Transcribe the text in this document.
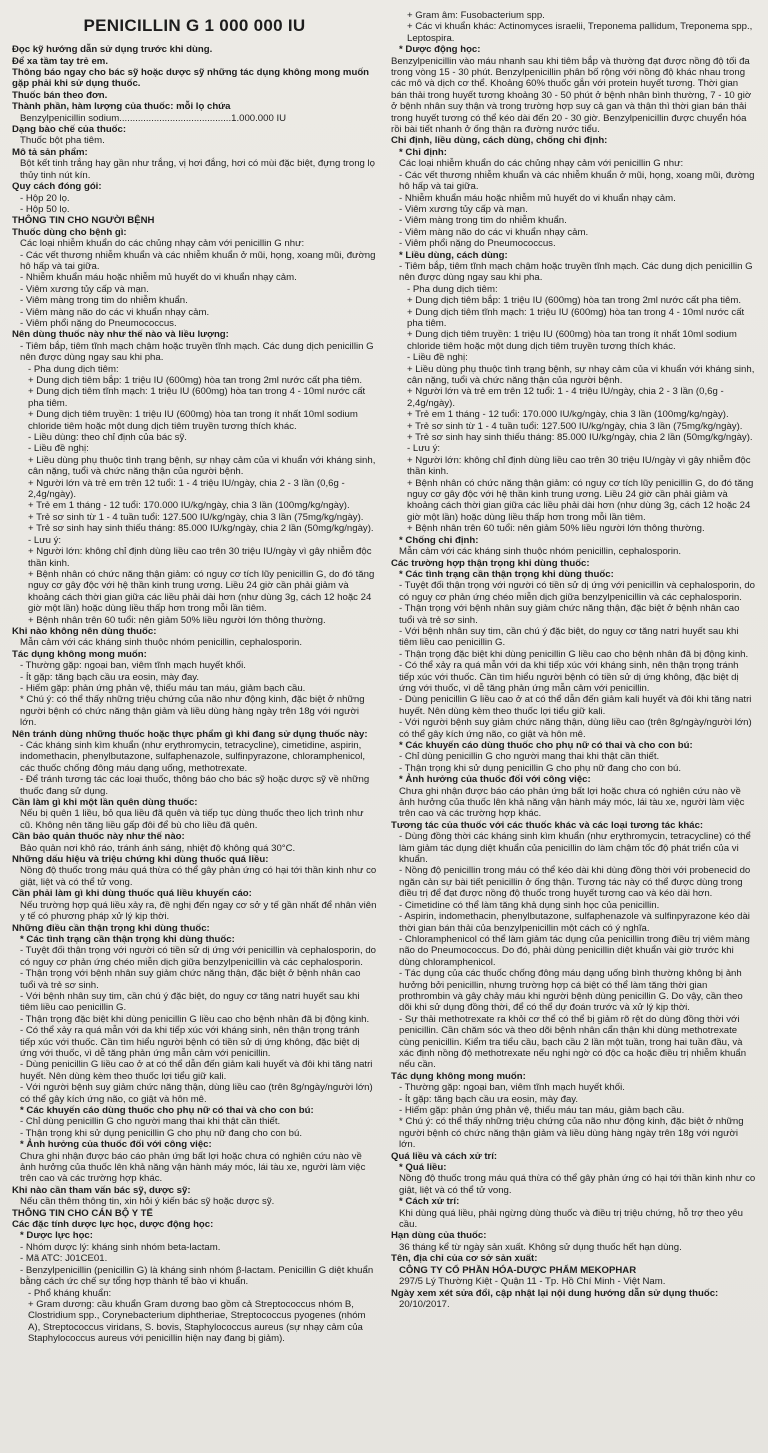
PENICILLIN G 1 000 000 IU

Đọc kỹ hướng dẫn sử dụng trước khi dùng.

Để xa tầm tay trẻ em.

Thông báo ngay cho bác sỹ hoặc dược sỹ những tác dụng không mong muốn gặp phải khi sử dụng thuốc.

Thuốc bán theo đơn.

Thành phần, hàm lượng của thuốc: mỗi lọ chứa

Benzylpenicillin sodium..........................................1.000.000 IU

Dạng bào chế của thuốc:

Thuốc bột pha tiêm.

Mô tả sản phẩm:

Bột kết tinh trắng hay gần như trắng, vị hơi đắng, hơi có mùi đặc biệt, đựng trong lọ thủy tinh nút kín.

Quy cách đóng gói:

- Hộp 20 lọ.

- Hộp 50 lọ.

THÔNG TIN CHO NGƯỜI BỆNH

Thuốc dùng cho bệnh gì:

Các loại nhiễm khuẩn do các chủng nhạy cảm với penicillin G như:

- Các vết thương nhiễm khuẩn và các nhiễm khuẩn ở mũi, họng, xoang mũi, đường hô hấp và tai giữa.

- Nhiễm khuẩn máu hoặc nhiễm mủ huyết do vi khuẩn nhạy cảm.

- Viêm xương tủy cấp và mạn.

- Viêm màng trong tim do nhiễm khuẩn.

- Viêm màng não do các vi khuẩn nhạy cảm.

- Viêm phổi nặng do Pneumococcus.

Nên dùng thuốc này như thế nào và liều lượng:

- Tiêm bắp, tiêm tĩnh mạch chậm hoặc truyền tĩnh mạch. Các dung dịch penicillin G nên được dùng ngay sau khi pha.

- Pha dung dịch tiêm:

+ Dung dịch tiêm bắp: 1 triệu IU (600mg) hòa tan trong 2ml nước cất pha tiêm.

+ Dung dịch tiêm tĩnh mạch: 1 triệu IU (600mg) hòa tan trong 4 - 10ml nước cất pha tiêm.

+ Dung dịch tiêm truyền: 1 triệu IU (600mg) hòa tan trong ít nhất 10ml sodium chloride tiêm hoặc một dung dịch tiêm truyền tương thích khác.

- Liều dùng: theo chỉ định của bác sỹ.

- Liều đề nghị:

+ Liều dùng phụ thuộc tình trạng bệnh, sự nhạy cảm của vi khuẩn với kháng sinh, cân nặng, tuổi và chức năng thận của người bệnh.

+ Người lớn và trẻ em trên 12 tuổi: 1 - 4 triệu IU/ngày, chia 2 - 3 lần (0,6g - 2,4g/ngày).

+ Trẻ em 1 tháng - 12 tuổi: 170.000 IU/kg/ngày, chia 3 lần (100mg/kg/ngày).

+ Trẻ sơ sinh từ 1 - 4 tuần tuổi: 127.500 IU/kg/ngày, chia 3 lần (75mg/kg/ngày).

+ Trẻ sơ sinh hay sinh thiếu tháng: 85.000 IU/kg/ngày, chia 2 lần (50mg/kg/ngày).

- Lưu ý:

+ Người lớn: không chỉ định dùng liều cao trên 30 triệu IU/ngày vì gây nhiễm độc thần kinh.

+ Bệnh nhân có chức năng thận giảm: có nguy cơ tích lũy penicillin G, do đó tăng nguy cơ gây độc với hệ thần kinh trung ương. Liều 24 giờ cần phải giảm và khoảng cách thời gian giữa các liều phải dài hơn (như dùng 3g, cách 12 hoặc 24 giờ một lần) hoặc dùng liều thấp hơn trong mỗi lần tiêm.

+ Bệnh nhân trên 60 tuổi: nên giảm 50% liều người lớn thông thường.

Khi nào không nên dùng thuốc:

Mẫn cảm với các kháng sinh thuộc nhóm penicillin, cephalosporin.

Tác dụng không mong muốn:

- Thường gặp: ngoại ban, viêm tĩnh mạch huyết khối.

- Ít gặp: tăng bạch cầu ưa eosin, mày đay.

- Hiếm gặp: phản ứng phản vệ, thiếu máu tan máu, giảm bạch cầu.

* Chú ý: có thể thấy những triệu chứng của não như động kinh, đặc biệt ở những người bệnh có chức năng thận giảm và liều dùng hàng ngày trên 18g với người lớn.

Nên tránh dùng những thuốc hoặc thực phẩm gì khi đang sử dụng thuốc này:

- Các kháng sinh kìm khuẩn (như erythromycin, tetracycline), cimetidine, aspirin, indomethacin, phenylbutazone, sulfaphenazole, sulfinpyrazone, chloramphenicol, các thuốc chống đông máu dạng uống, methotrexate.

- Để tránh tương tác các loại thuốc, thông báo cho bác sỹ hoặc dược sỹ về những thuốc đang sử dụng.

Cần làm gì khi một lần quên dùng thuốc:

Nếu bị quên 1 liều, bỏ qua liều đã quên và tiếp tục dùng thuốc theo lịch trình như cũ. Không nên tăng liều gấp đôi để bù cho liều đã quên.

Cần bảo quản thuốc này như thế nào:

Bảo quản nơi khô ráo, tránh ánh sáng, nhiệt độ không quá 30°C.

Những dấu hiệu và triệu chứng khi dùng thuốc quá liều:

Nồng độ thuốc trong máu quá thừa có thể gây phản ứng có hại tới thần kinh như co giật, liệt và có thể tử vong.

Cần phải làm gì khi dùng thuốc quá liều khuyến cáo:

Nếu trường hợp quá liều xảy ra, đề nghị đến ngay cơ sở y tế gần nhất để nhân viên y tế có phương pháp xử lý kịp thời.

Những điều cần thận trọng khi dùng thuốc:

* Các tình trạng cần thận trọng khi dùng thuốc:

- Tuyệt đối thận trọng với người có tiền sử dị ứng với penicillin và cephalosporin, do có nguy cơ phản ứng chéo miễn dịch giữa benzylpenicillin và các cephalosporin.

- Thận trọng với bệnh nhân suy giảm chức năng thận, đặc biệt ở bệnh nhân cao tuổi và trẻ sơ sinh.

- Với bệnh nhân suy tim, cần chú ý đặc biệt, do nguy cơ tăng natri huyết sau khi tiêm liều cao penicillin G.

- Thận trọng đặc biệt khi dùng penicillin G liều cao cho bệnh nhân đã bị động kinh.

- Có thể xảy ra quá mẫn với da khi tiếp xúc với kháng sinh, nên thận trọng tránh tiếp xúc với thuốc. Cần tìm hiểu người bệnh có tiền sử dị ứng không, đặc biệt dị ứng với thuốc, vì dễ tăng phản ứng mẫn cảm với penicillin.

- Dùng penicillin G liều cao ở at có thể dẫn đến giảm kali huyết và đôi khi tăng natri huyết. Nên dùng kèm theo thuốc lợi tiểu giữ kali.

- Với người bệnh suy giảm chức năng thận, dùng liều cao (trên 8g/ngày/người lớn) có thể gây kích ứng não, co giật và hôn mê.

* Các khuyến cáo dùng thuốc cho phụ nữ có thai và cho con bú:

- Chỉ dùng penicillin G cho người mang thai khi thật cần thiết.

- Thận trọng khi sử dụng penicillin G cho phụ nữ đang cho con bú.

* Ảnh hưởng của thuốc đối với công việc:

Chưa ghi nhận được báo cáo phản ứng bất lợi hoặc chưa có nghiên cứu nào về ảnh hưởng của thuốc lên khả năng vận hành máy móc, lái tàu xe, người làm việc trên cao và các trường hợp khác.

Khi nào cần tham vấn bác sỹ, dược sỹ:

Nếu cần thêm thông tin, xin hỏi ý kiến bác sỹ hoặc dược sỹ.

THÔNG TIN CHO CÁN BỘ Y TẾ

Các đặc tính dược lực học, dược động học:

* Dược lực học:

- Nhóm dược lý: kháng sinh nhóm beta-lactam.

- Mã ATC: J01CE01.

- Benzylpenicillin (penicillin G) là kháng sinh nhóm β-lactam. Penicillin G diệt khuẩn bằng cách ức chế sự tổng hợp thành tế bào vi khuẩn.

- Phổ kháng khuẩn:

+ Gram dương: cầu khuẩn Gram dương bao gồm cả Streptococcus nhóm B, Clostridium spp., Corynebacterium diphtheriae, Streptococcus pyogenes (nhóm A), Streptococcus viridans, S. bovis, Staphylococcus aureus (sự nhạy cảm của Staphylococcus aureus với penicillin hiện nay đang bị giảm).

+ Gram âm: Fusobacterium spp.

+ Các vi khuẩn khác: Actinomyces israelii, Treponema pallidum, Treponema spp., Leptospira.

* Dược động học:

Benzylpenicillin vào máu nhanh sau khi tiêm bắp và thường đạt được nồng độ tối đa trong vòng 15 - 30 phút. Benzylpenicillin phân bố rộng với nồng độ khác nhau trong các mô và dịch cơ thể. Khoảng 60% thuốc gắn với protein huyết tương. Thời gian bán thải trong huyết tương khoảng 30 - 50 phút ở bệnh nhân bình thường, 7 - 10 giờ ở bệnh nhân suy thận và trong trường hợp suy cả gan và thận thì thời gian bán thải trong huyết tương có thể kéo dài đến 20 - 30 giờ. Benzylpenicillin được chuyển hóa rồi bài tiết nhanh ở ống thận ra đường nước tiểu.

Chỉ định, liều dùng, cách dùng, chống chỉ định:

* Chỉ định:

Các loại nhiễm khuẩn do các chủng nhạy cảm với penicillin G như:

- Các vết thương nhiễm khuẩn và các nhiễm khuẩn ở mũi, họng, xoang mũi, đường hô hấp và tai giữa.

- Nhiễm khuẩn máu hoặc nhiễm mủ huyết do vi khuẩn nhạy cảm.

- Viêm xương tủy cấp và mạn.

- Viêm màng trong tim do nhiễm khuẩn.

- Viêm màng não do các vi khuẩn nhạy cảm.

- Viêm phổi nặng do Pneumococcus.

* Liều dùng, cách dùng:

- Tiêm bắp, tiêm tĩnh mạch chậm hoặc truyền tĩnh mạch. Các dung dịch penicillin G nên được dùng ngay sau khi pha.

- Pha dung dịch tiêm:

+ Dung dịch tiêm bắp: 1 triệu IU (600mg) hòa tan trong 2ml nước cất pha tiêm.

+ Dung dịch tiêm tĩnh mạch: 1 triệu IU (600mg) hòa tan trong 4 - 10ml nước cất pha tiêm.

+ Dung dịch tiêm truyền: 1 triệu IU (600mg) hòa tan trong ít nhất 10ml sodium chloride tiêm hoặc một dung dịch tiêm truyền tương thích khác.

- Liều đề nghị:

+ Liều dùng phụ thuộc tình trạng bệnh, sự nhạy cảm của vi khuẩn với kháng sinh, cân nặng, tuổi và chức năng thận của người bệnh.

+ Người lớn và trẻ em trên 12 tuổi: 1 - 4 triệu IU/ngày, chia 2 - 3 lần (0,6g - 2,4g/ngày).

+ Trẻ em 1 tháng - 12 tuổi: 170.000 IU/kg/ngày, chia 3 lần (100mg/kg/ngày).

+ Trẻ sơ sinh từ 1 - 4 tuần tuổi: 127.500 IU/kg/ngày, chia 3 lần (75mg/kg/ngày).

+ Trẻ sơ sinh hay sinh thiếu tháng: 85.000 IU/kg/ngày, chia 2 lần (50mg/kg/ngày).

- Lưu ý:

+ Người lớn: không chỉ định dùng liều cao trên 30 triệu IU/ngày vì gây nhiễm độc thần kinh.

+ Bệnh nhân có chức năng thận giảm: có nguy cơ tích lũy penicillin G, do đó tăng nguy cơ gây độc với hệ thần kinh trung ương. Liều 24 giờ cần phải giảm và khoảng cách thời gian giữa các liều phải dài hơn (như dùng 3g, cách 12 hoặc 24 giờ một lần) hoặc dùng liều thấp hơn trong mỗi lần tiêm.

+ Bệnh nhân trên 60 tuổi: nên giảm 50% liều người lớn thông thường.

* Chống chỉ định:

Mẫn cảm với các kháng sinh thuộc nhóm penicillin, cephalosporin.

Các trường hợp thận trọng khi dùng thuốc:

* Các tình trạng cần thận trọng khi dùng thuốc:

- Tuyệt đối thận trọng với người có tiền sử dị ứng với penicillin và cephalosporin, do có nguy cơ phản ứng chéo miễn dịch giữa benzylpenicillin và các cephalosporin.

- Thận trọng với bệnh nhân suy giảm chức năng thận, đặc biệt ở bệnh nhân cao tuổi và trẻ sơ sinh.

- Với bệnh nhân suy tim, cần chú ý đặc biệt, do nguy cơ tăng natri huyết sau khi tiêm liều cao penicillin G.

- Thận trọng đặc biệt khi dùng penicillin G liều cao cho bệnh nhân đã bị động kinh.

- Có thể xảy ra quá mẫn với da khi tiếp xúc với kháng sinh, nên thận trọng tránh tiếp xúc với thuốc. Cần tìm hiểu người bệnh có tiền sử dị ứng không, đặc biệt dị ứng với thuốc, vì dễ tăng phản ứng mẫn cảm với penicillin.

- Dùng penicillin G liều cao ở at có thể dẫn đến giảm kali huyết và đôi khi tăng natri huyết. Nên dùng kèm theo thuốc lợi tiểu giữ kali.

- Với người bệnh suy giảm chức năng thận, dùng liều cao (trên 8g/ngày/người lớn) có thể gây kích ứng não, co giật và hôn mê.

* Các khuyến cáo dùng thuốc cho phụ nữ có thai và cho con bú:

- Chỉ dùng penicillin G cho người mang thai khi thật cần thiết.

- Thận trọng khi sử dụng penicillin G cho phụ nữ đang cho con bú.

* Ảnh hưởng của thuốc đối với công việc:

Chưa ghi nhận được báo cáo phản ứng bất lợi hoặc chưa có nghiên cứu nào về ảnh hưởng của thuốc lên khả năng vận hành máy móc, lái tàu xe, người làm việc trên cao và các trường hợp khác.

Tương tác của thuốc với các thuốc khác và các loại tương tác khác:

- Dùng đồng thời các kháng sinh kìm khuẩn (như erythromycin, tetracycline) có thể làm giảm tác dụng diệt khuẩn của penicillin do làm chậm tốc độ phát triển của vi khuẩn.

- Nồng độ penicillin trong máu có thể kéo dài khi dùng đồng thời với probenecid do ngăn cản sự bài tiết penicillin ở ống thận. Tương tác này có thể được dùng trong điều trị để đạt được nồng độ thuốc trong huyết tương cao và kéo dài hơn.

- Cimetidine có thể làm tăng khả dụng sinh học của penicillin.

- Aspirin, indomethacin, phenylbutazone, sulfaphenazole và sulfinpyrazone kéo dài thời gian bán thải của benzylpenicillin một cách có ý nghĩa.

- Chloramphenicol có thể làm giảm tác dụng của penicillin trong điều trị viêm màng não do Pneumococcus. Do đó, phải dùng penicillin diệt khuẩn vài giờ trước khi dùng chloramphenicol.

- Tác dụng của các thuốc chống đông máu dạng uống bình thường không bị ảnh hưởng bởi penicillin, nhưng trường hợp cá biệt có thể làm tăng thời gian prothrombin và gây chảy máu khi người bệnh dùng penicillin G. Do vậy, cần theo dõi khi sử dụng đồng thời, để có thể dự đoán trước và xử lý kịp thời.

- Sự thải methotrexate ra khỏi cơ thể có thể bị giảm rõ rệt do dùng đồng thời với penicillin. Cần chăm sóc và theo dõi bệnh nhân cẩn thận khi dùng methotrexate cùng penicillin. Kiểm tra tiểu cầu, bạch cầu 2 lần một tuần, trong hai tuần đầu, và xác định nồng độ methotrexate nếu nghi ngờ có độc ca hoặc điều trị nhiễm khuẩn nếu cần.

Tác dụng không mong muốn:

- Thường gặp: ngoại ban, viêm tĩnh mạch huyết khối.

- Ít gặp: tăng bạch cầu ưa eosin, mày đay.

- Hiếm gặp: phản ứng phản vệ, thiếu máu tan máu, giảm bạch cầu.

* Chú ý: có thể thấy những triệu chứng của não như động kinh, đặc biệt ở những người bệnh có chức năng thận giảm và liều dùng hàng ngày trên 18g với người lớn.

Quá liều và cách xử trí:

* Quá liều:

Nồng độ thuốc trong máu quá thừa có thể gây phản ứng có hại tới thần kinh như co giật, liệt và có thể tử vong.

* Cách xử trí:

Khi dùng quá liều, phải ngừng dùng thuốc và điều trị triệu chứng, hỗ trợ theo yêu cầu.

Hạn dùng của thuốc:

36 tháng kể từ ngày sản xuất. Không sử dụng thuốc hết hạn dùng.

Tên, địa chỉ của cơ sở sản xuất:

CÔNG TY CỔ PHẦN HÓA-DƯỢC PHẨM MEKOPHAR

297/5 Lý Thường Kiệt - Quận 11 - Tp. Hồ Chí Minh - Việt Nam.

Ngày xem xét sửa đổi, cập nhật lại nội dung hướng dẫn sử dụng thuốc:

20/10/2017.
